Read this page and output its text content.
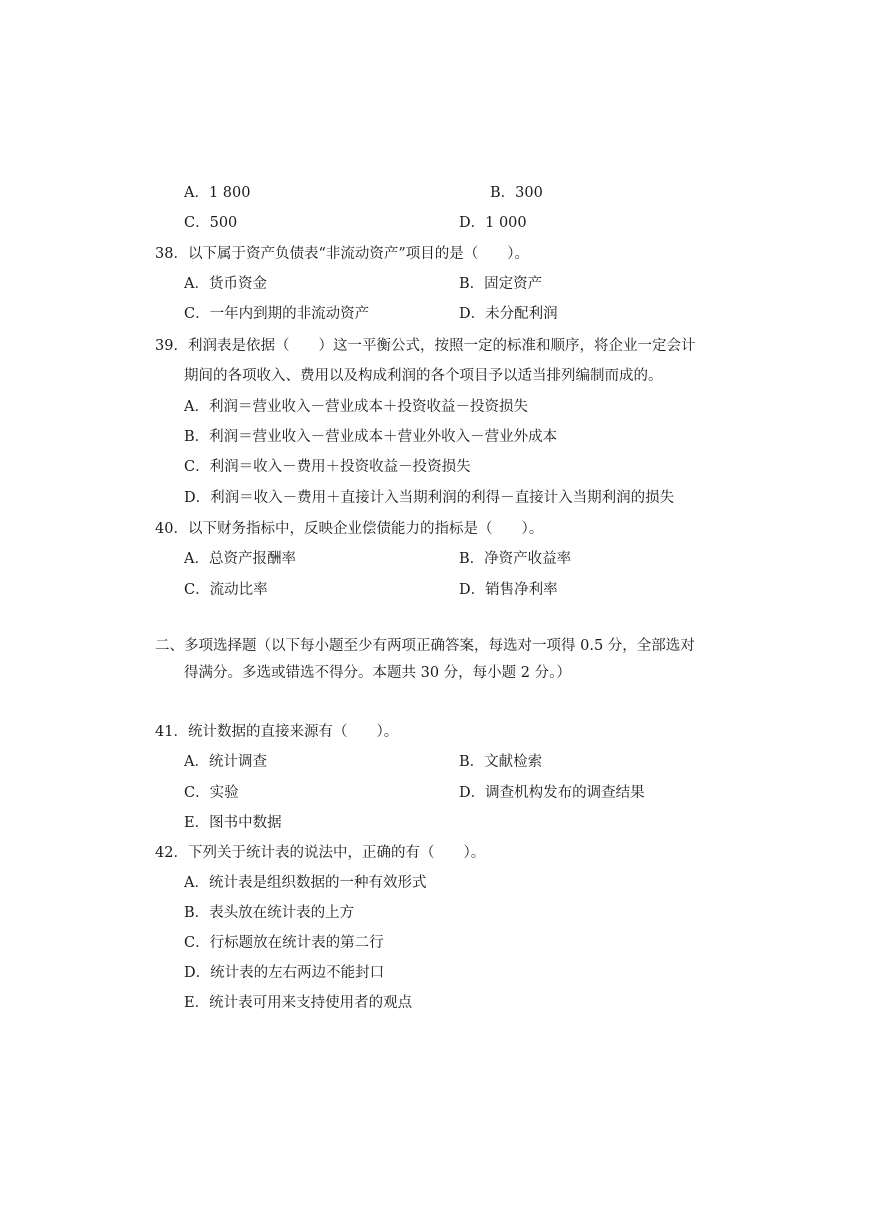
A．1 800	B．300
C．500	D．1 000
38．以下属于资产负债表“非流动资产”项目的是（　　）。
A．货币资金	B．固定资产
C．一年内到期的非流动资产	D．未分配利润
39．利润表是依据（　　）这一平衡公式，按照一定的标准和顺序，将企业一定会计
期间的各项收入、费用以及构成利润的各个项目予以适当排列编制而成的。
A．利润＝营业收入－营业成本＋投资收益－投资损失
B．利润＝营业收入－营业成本＋营业外收入－营业外成本
C．利润＝收入－费用＋投资收益－投资损失
D．利润＝收入－费用＋直接计入当期利润的利得－直接计入当期利润的损失
40．以下财务指标中，反映企业偿债能力的指标是（　　）。
A．总资产报酬率	B．净资产收益率
C．流动比率	D．销售净利率
二、多项选择题（以下每小题至少有两项正确答案，每选对一项得 0.5 分，全部选对
得满分。多选或错选不得分。本题共 30 分，每小题 2 分。）
41．统计数据的直接来源有（　　）。
A．统计调查	B．文献检索
C．实验	D．调查机构发布的调查结果
E．图书中数据
42．下列关于统计表的说法中，正确的有（　　）。
A．统计表是组织数据的一种有效形式
B．表头放在统计表的上方
C．行标题放在统计表的第二行
D．统计表的左右两边不能封口
E．统计表可用来支持使用者的观点
